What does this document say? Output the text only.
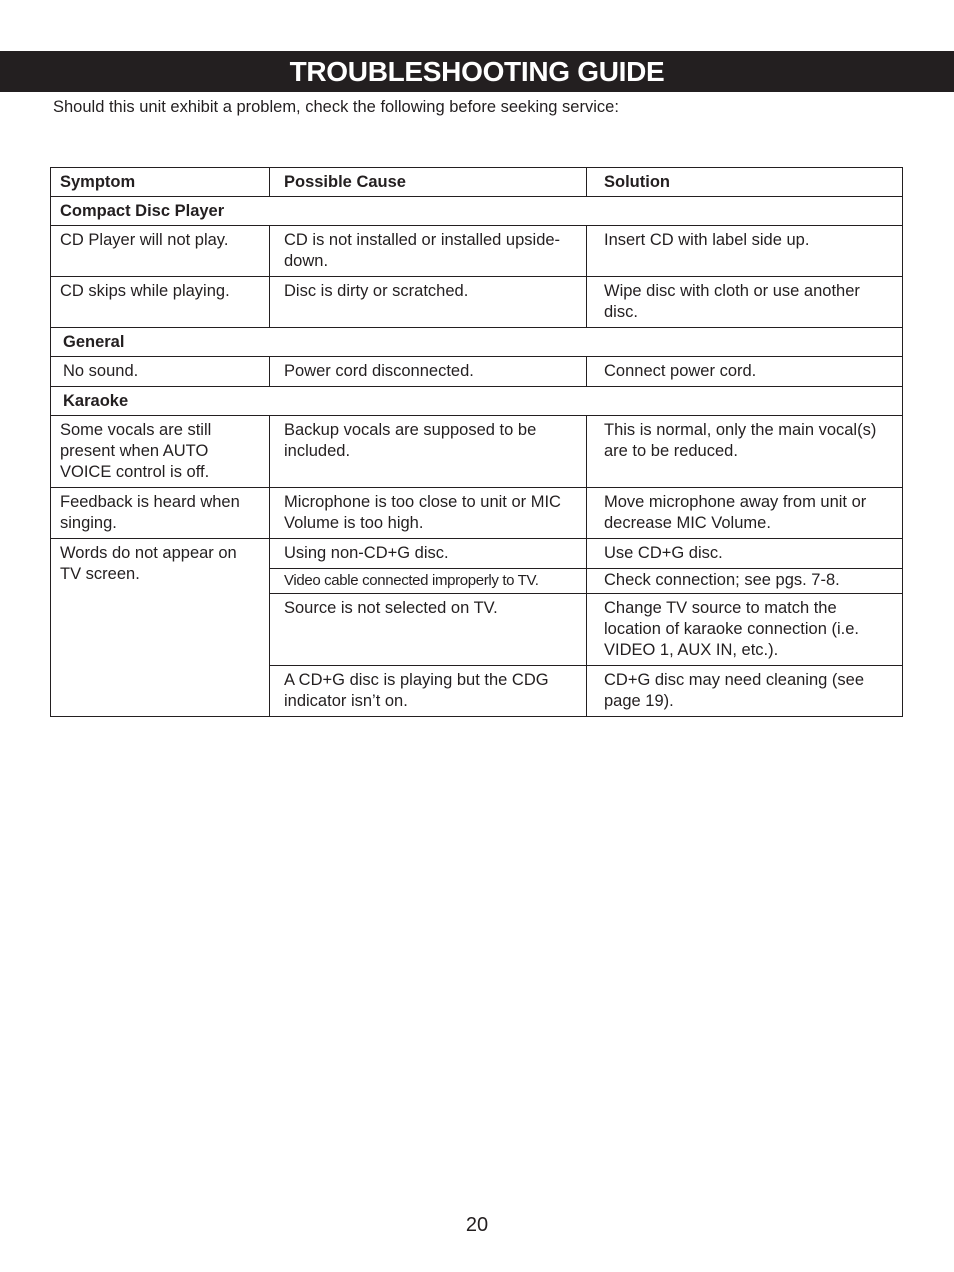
TROUBLESHOOTING GUIDE
Should this unit exhibit a problem, check the following before seeking service:
Symptom	Possible Cause	Solution
Compact Disc Player		
CD Player will not play.	CD is not installed or installed upside-down.	Insert CD with label side up.
CD skips while playing.	Disc is dirty or scratched.	Wipe disc with cloth or use another disc.
General		
No sound.	Power cord disconnected.	Connect power cord.
Karaoke		
Some vocals are still present when AUTO VOICE control is off.	Backup vocals are supposed to be included.	This is normal, only the main vocal(s) are to be reduced.
Feedback is heard when singing.	Microphone is too close to unit or MIC Volume is too high.	Move microphone away from unit or decrease MIC Volume.
Words do not appear on TV screen.	Using non-CD+G disc.	Use CD+G disc.
	Video cable connected improperly to TV.	Check connection; see pgs. 7-8.
	Source is not selected on TV.	Change TV source to match the location of karaoke connection (i.e. VIDEO 1, AUX IN, etc.).
	A CD+G disc is playing but the CDG indicator isn’t on.	CD+G disc may need cleaning (see page 19).
20
